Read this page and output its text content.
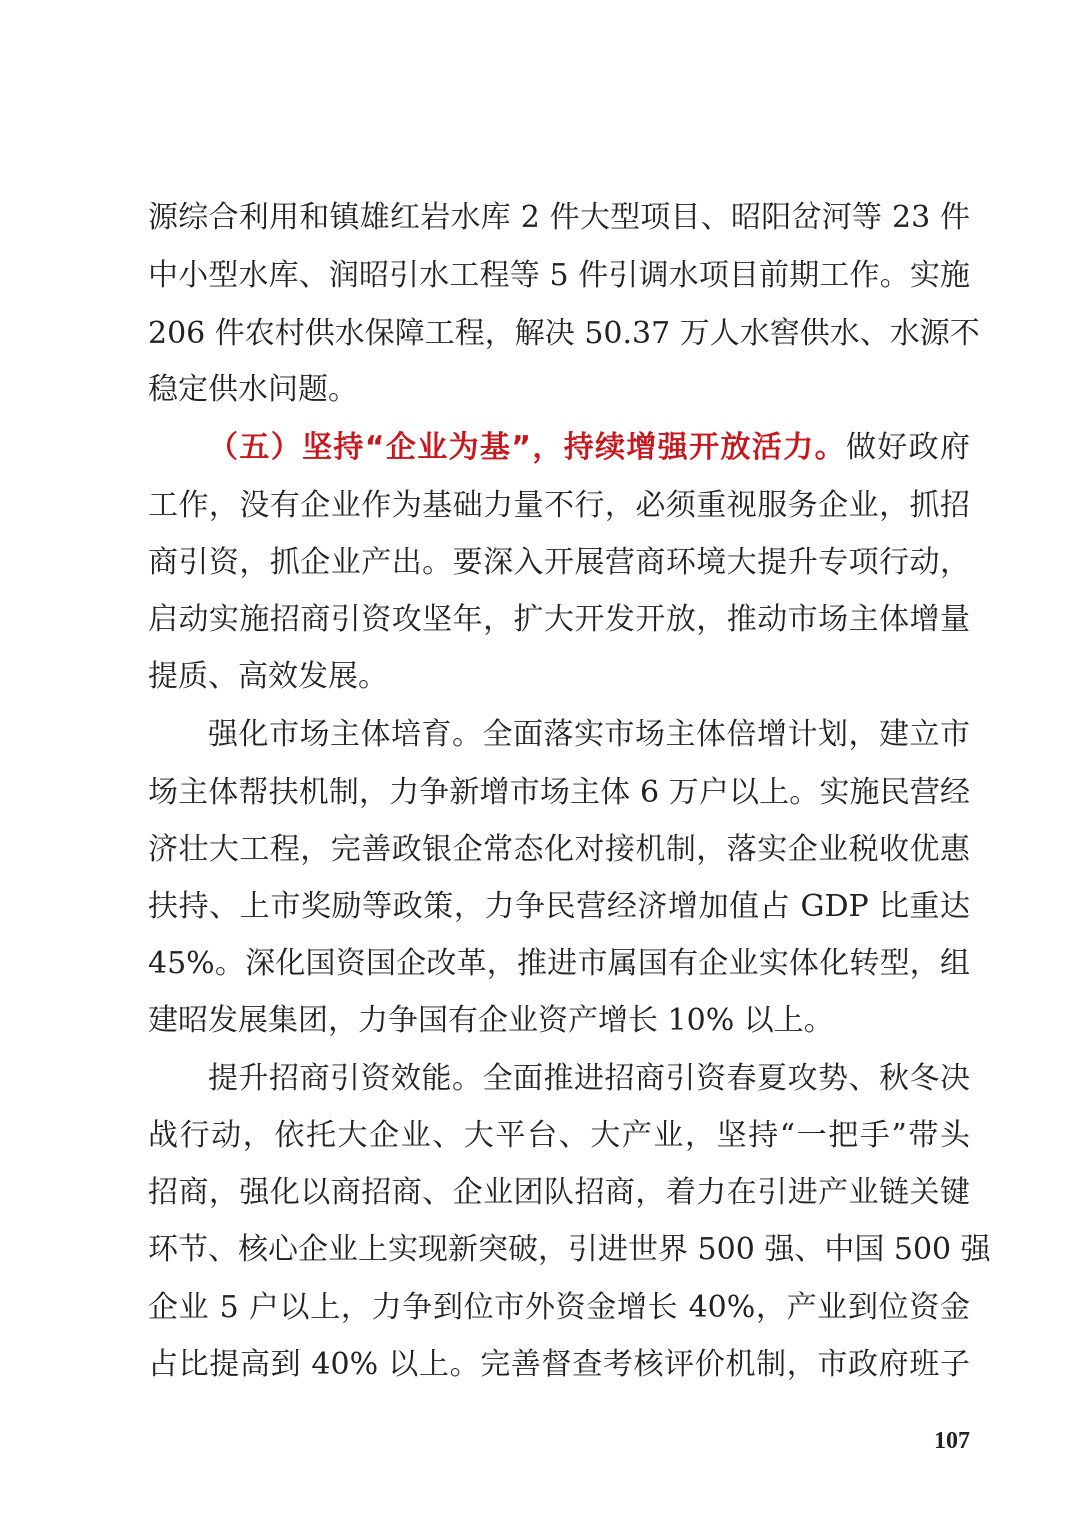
源综合利用和镇雄红岩水库 2 件大型项目、昭阳岔河等 23 件
中小型水库、润昭引水工程等 5 件引调水项目前期工作。实施
206 件农村供水保障工程，解决 50.37 万人水窖供水、水源不
稳定供水问题。
（五）坚持“企业为基”，持续增强开放活力。做好政府
工作，没有企业作为基础力量不行，必须重视服务企业，抓招
商引资，抓企业产出。要深入开展营商环境大提升专项行动，
启动实施招商引资攻坚年，扩大开发开放，推动市场主体增量
提质、高效发展。
强化市场主体培育。全面落实市场主体倍增计划，建立市
场主体帮扶机制，力争新增市场主体 6 万户以上。实施民营经
济壮大工程，完善政银企常态化对接机制，落实企业税收优惠
扶持、上市奖励等政策，力争民营经济增加值占 GDP 比重达
45%。深化国资国企改革，推进市属国有企业实体化转型，组
建昭发展集团，力争国有企业资产增长 10% 以上。
提升招商引资效能。全面推进招商引资春夏攻势、秋冬决
战行动，依托大企业、大平台、大产业，坚持“一把手”带头
招商，强化以商招商、企业团队招商，着力在引进产业链关键
环节、核心企业上实现新突破，引进世界 500 强、中国 500 强
企业 5 户以上，力争到位市外资金增长 40%，产业到位资金
占比提高到 40% 以上。完善督查考核评价机制，市政府班子
107
